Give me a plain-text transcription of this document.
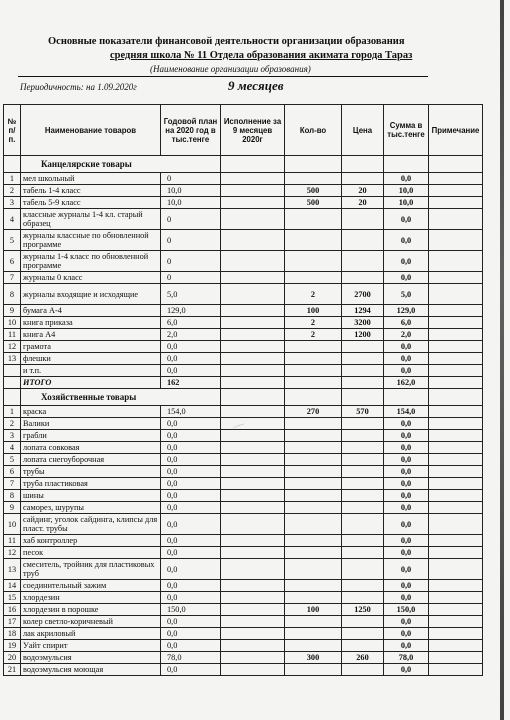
Основные показатели финансовой деятельности организации образования
средняя школа № 11 Отдела образования акимата города Тараз
(Наименование организации образования)
Периодичность: на 1.09.2020г	9 месяцев
№ п/п.	Наименование товаров	Годовой план на 2020 год в тыс.тенге	Исполнение за 9 месяцев 2020г	Кол-во	Цена	Сумма в тыс.тенге	Примечание
	Канцелярские товары						
1	мел школьный	0				0,0	
2	табель 1-4 класс	10,0		500	20	10,0	
3	табель 5-9 класс	10,0		500	20	10,0	
4	классные журналы 1-4 кл. старый образец	0				0,0	
5	журналы классные по обновленной программе	0				0,0	
6	журналы 1-4 класс по обновленной программе	0				0,0	
7	журналы 0 класс	0				0,0	
8	журналы входящие и исходящие	5,0		2	2700	5,0	
9	бумага А-4	129,0		100	1294	129,0	
10	книга приказа	6,0		2	3200	6,0	
11	книга А4	2,0		2	1200	2,0	
12	грамота	0,0				0,0	
13	флешки	0,0				0,0	
	и т.п.	0,0				0,0	
	ИТОГО	162				162,0	
	Хозяйственные товары						
1	краска	154,0		270	570	154,0	
2	Валики	0,0				0,0	
3	грабли	0,0				0,0	
4	лопата совковая	0,0				0,0	
5	лопата снегоуборочная	0,0				0,0	
6	трубы	0,0				0,0	
7	труба пластиковая	0,0				0,0	
8	шины	0,0				0,0	
9	саморез, шурупы	0,0				0,0	
10	сайдинг, уголок сайдинга, клипсы для пласт. трубы	0,0				0,0	
11	хаб контроллер	0,0				0,0	
12	песок	0,0				0,0	
13	смеситель, тройник для пластиковых труб	0,0				0,0	
14	соединительный зажим	0,0				0,0	
15	хлордезин	0,0				0,0	
16	хлордезин в порошке	150,0		100	1250	150,0	
17	колер светло-коричневый	0,0				0,0	
18	лак акриловый	0,0				0,0	
19	Уайт спирит	0,0				0,0	
20	водоэмульсия	78,0		300	260	78,0	
21	водоэмульсия моющая	0,0				0,0	
~~~
